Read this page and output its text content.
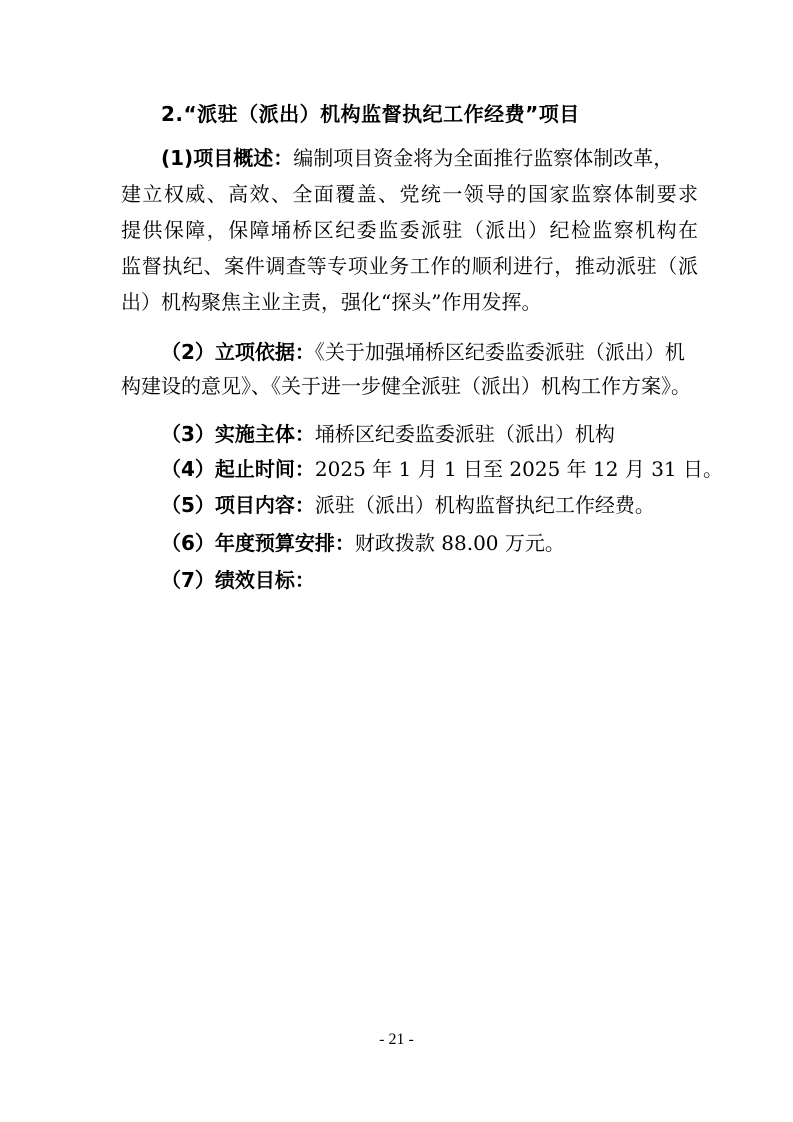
2.“派驻（派出）机构监督执纪工作经费”项目
(1)项目概述：编制项目资金将为全面推行监察体制改革，
建立权威、高效、全面覆盖、党统一领导的国家监察体制要求
提供保障，保障埇桥区纪委监委派驻（派出）纪检监察机构在
监督执纪、案件调查等专项业务工作的顺利进行，推动派驻（派
出）机构聚焦主业主责，强化“探头”作用发挥。
（2）立项依据：《关于加强埇桥区纪委监委派驻（派出）机
构建设的意见》、《关于进一步健全派驻（派出）机构工作方案》。
（3）实施主体：埇桥区纪委监委派驻（派出）机构
（4）起止时间：2025 年 1 月 1 日至 2025 年 12 月 31 日。
（5）项目内容：派驻（派出）机构监督执纪工作经费。
（6）年度预算安排：财政拨款 88.00 万元。
（7）绩效目标：
- 21 -
